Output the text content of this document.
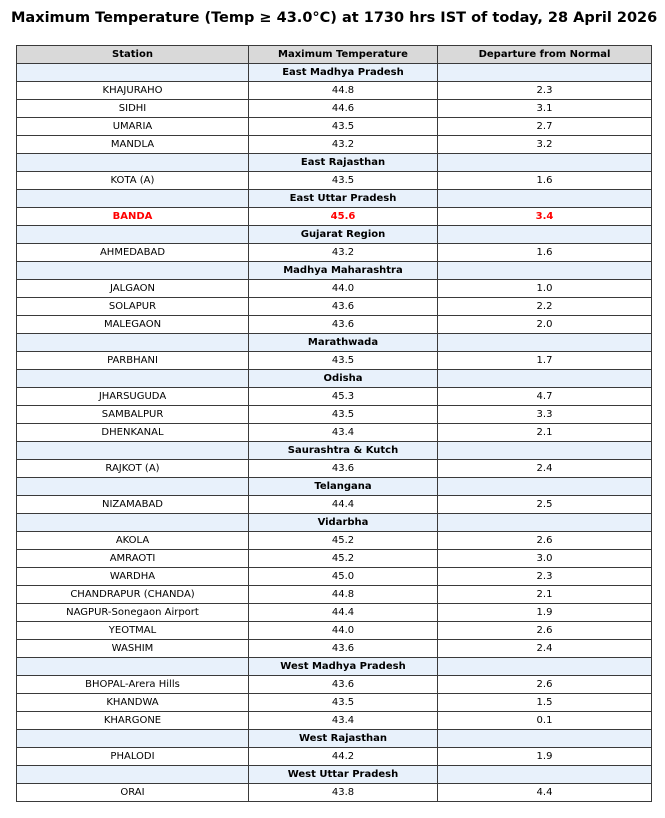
Maximum Temperature (Temp ≥ 43.0°C) at 1730 hrs IST of today, 28 April 2026
Station	Maximum Temperature	Departure from Normal
	East Madhya Pradesh	
KHAJURAHO	44.8	2.3
SIDHI	44.6	3.1
UMARIA	43.5	2.7
MANDLA	43.2	3.2
	East Rajasthan	
KOTA (A)	43.5	1.6
	East Uttar Pradesh	
BANDA	45.6	3.4
	Gujarat Region	
AHMEDABAD	43.2	1.6
	Madhya Maharashtra	
JALGAON	44.0	1.0
SOLAPUR	43.6	2.2
MALEGAON	43.6	2.0
	Marathwada	
PARBHANI	43.5	1.7
	Odisha	
JHARSUGUDA	45.3	4.7
SAMBALPUR	43.5	3.3
DHENKANAL	43.4	2.1
	Saurashtra & Kutch	
RAJKOT (A)	43.6	2.4
	Telangana	
NIZAMABAD	44.4	2.5
	Vidarbha	
AKOLA	45.2	2.6
AMRAOTI	45.2	3.0
WARDHA	45.0	2.3
CHANDRAPUR (CHANDA)	44.8	2.1
NAGPUR-Sonegaon Airport	44.4	1.9
YEOTMAL	44.0	2.6
WASHIM	43.6	2.4
	West Madhya Pradesh	
BHOPAL-Arera Hills	43.6	2.6
KHANDWA	43.5	1.5
KHARGONE	43.4	0.1
	West Rajasthan	
PHALODI	44.2	1.9
	West Uttar Pradesh	
ORAI	43.8	4.4
